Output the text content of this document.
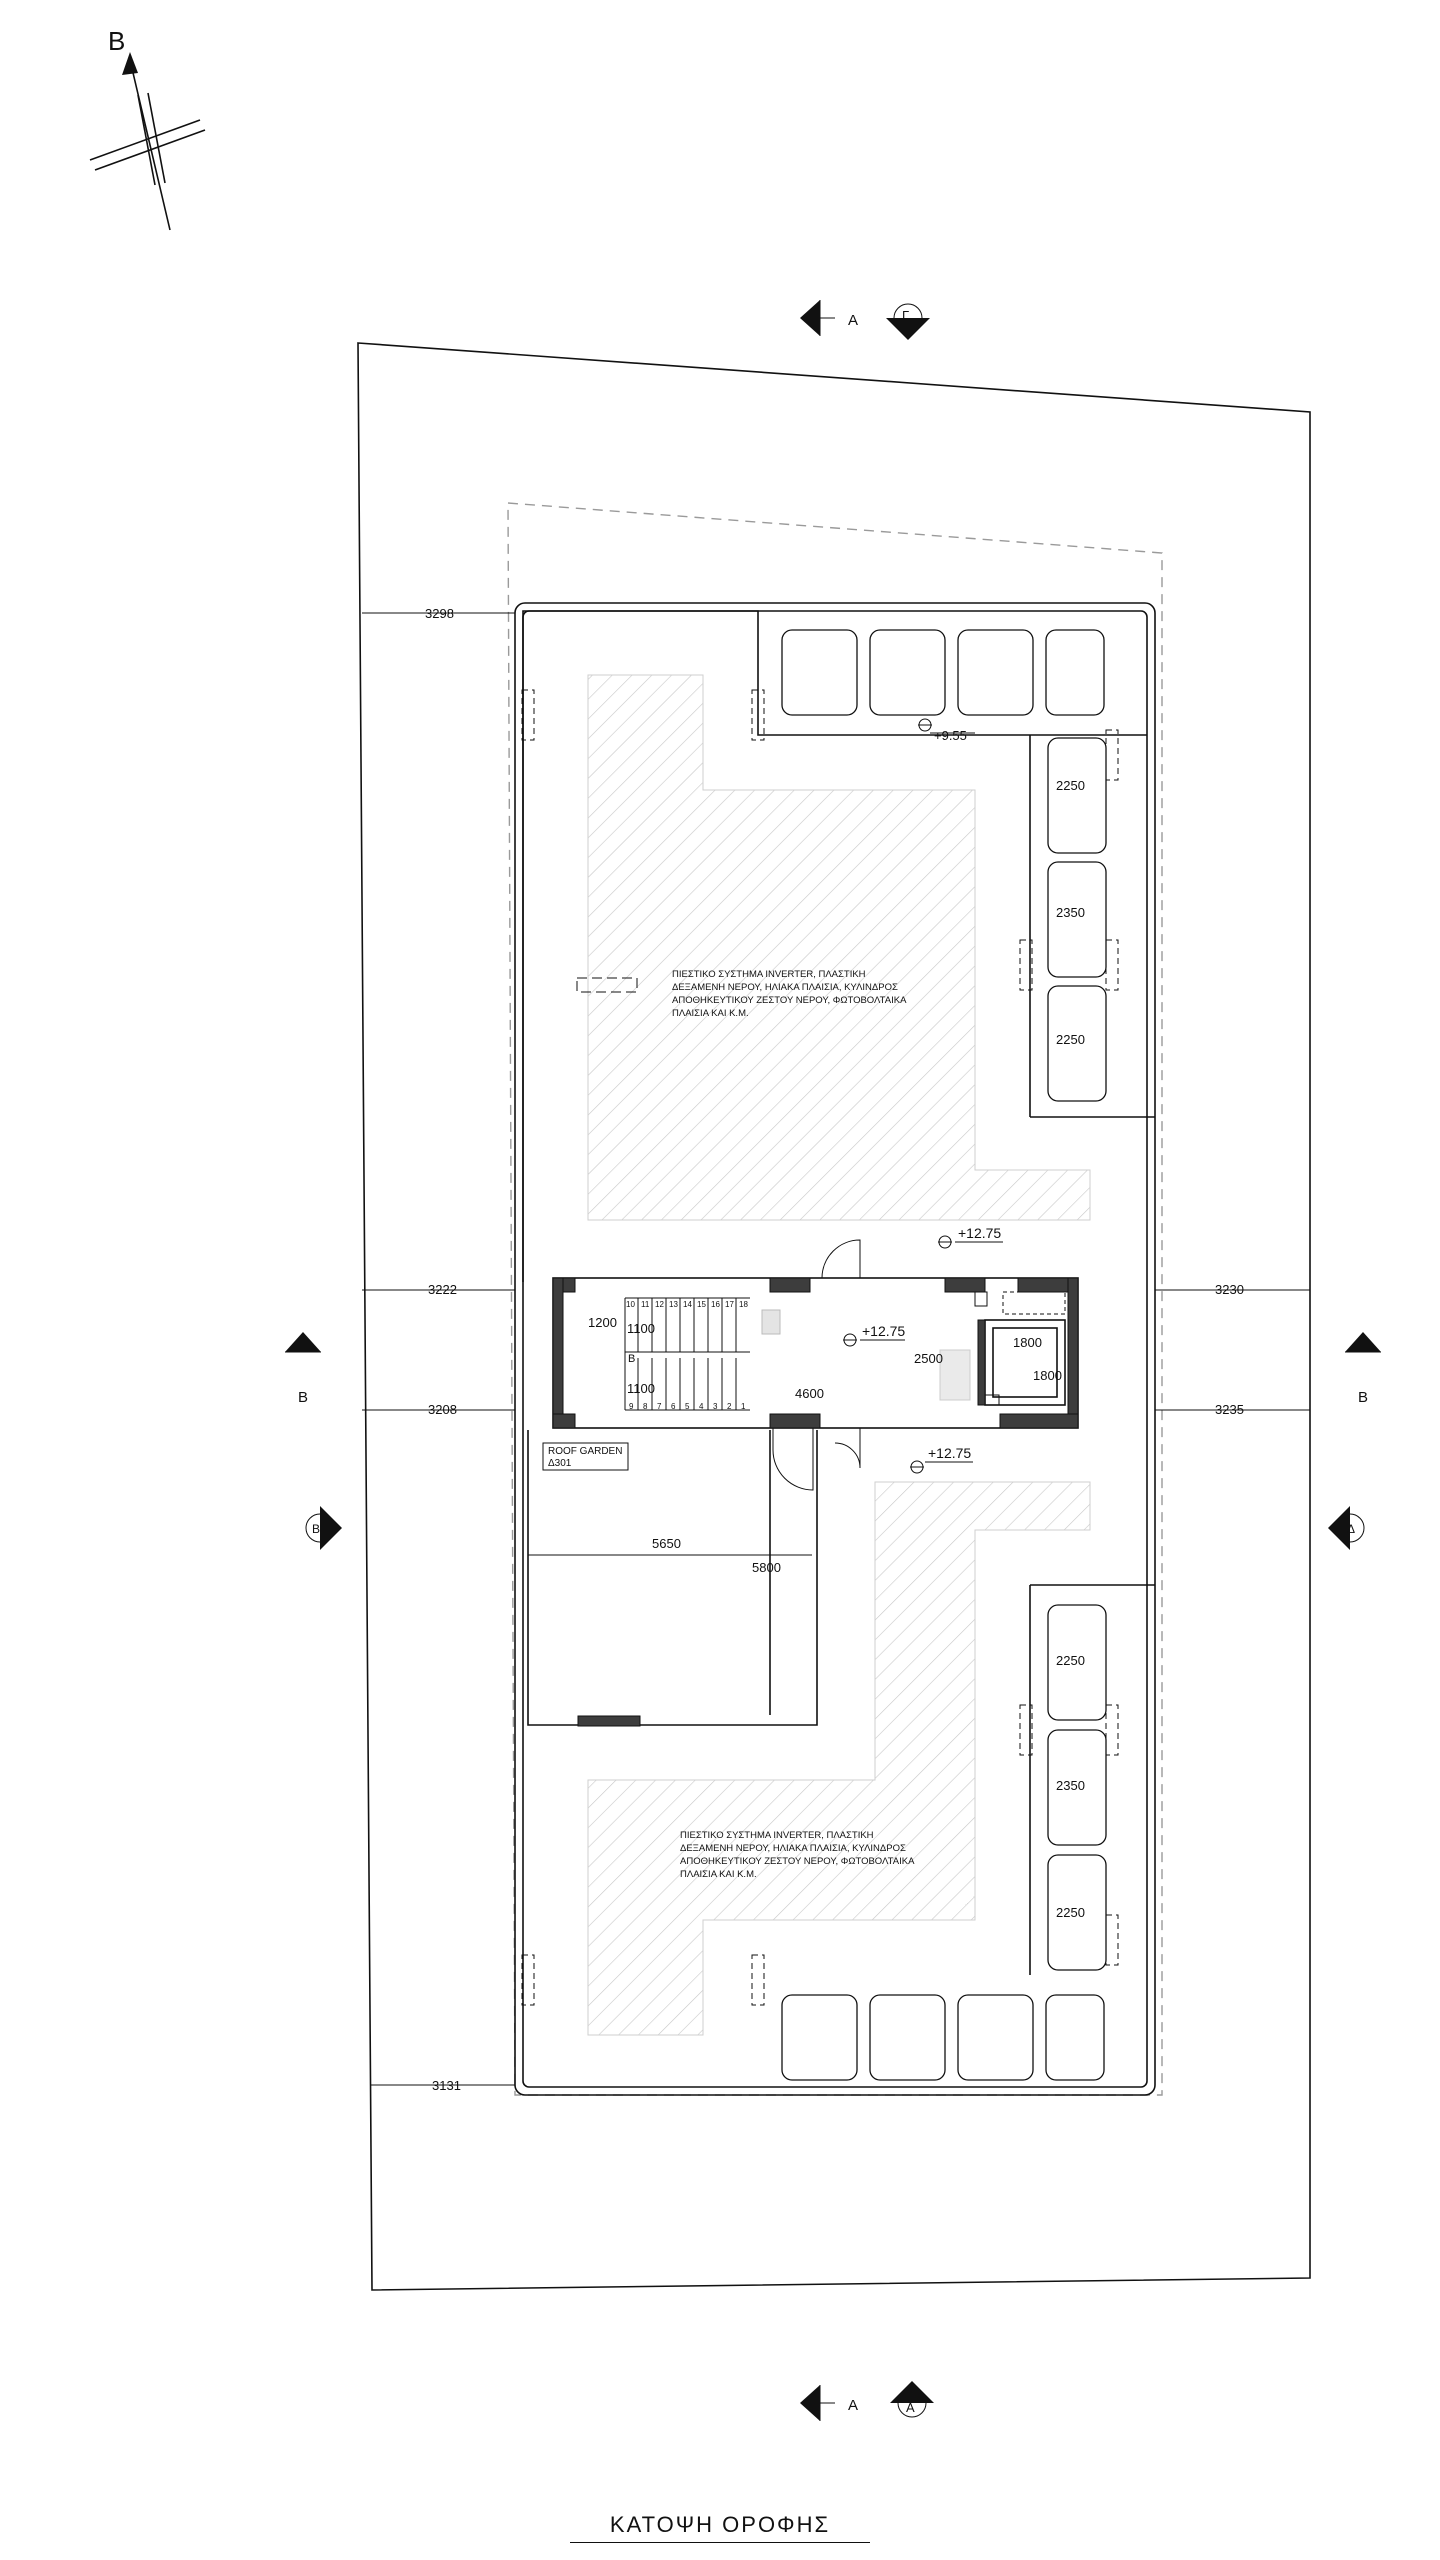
B
A	Γ
A	A
B
B
B
Δ
3298
3222
3208
3131
3230
3235
2250
2350
2250
2250
2350
2250
+9.55
+12.75
+12.75
+12.75
ΠΙΕΣΤΙΚΟ ΣΥΣΤΗΜΑ INVERTER, ΠΛΑΣΤΙΚΗ
ΔΕΞΑΜΕΝΗ ΝΕΡΟΥ, ΗΛΙΑΚΑ ΠΛΑΙΣΙΑ, ΚΥΛΙΝΔΡΟΣ
ΑΠΟΘΗΚΕΥΤΙΚΟΥ ΖΕΣΤΟΥ ΝΕΡΟΥ, ΦΩΤΟΒΟΛΤΑΙΚΑ
ΠΛΑΙΣΙΑ ΚΑΙ Κ.Μ.
ΠΙΕΣΤΙΚΟ ΣΥΣΤΗΜΑ INVERTER, ΠΛΑΣΤΙΚΗ
ΔΕΞΑΜΕΝΗ ΝΕΡΟΥ, ΗΛΙΑΚΑ ΠΛΑΙΣΙΑ, ΚΥΛΙΝΔΡΟΣ
ΑΠΟΘΗΚΕΥΤΙΚΟΥ ΖΕΣΤΟΥ ΝΕΡΟΥ, ΦΩΤΟΒΟΛΤΑΙΚΑ
ΠΛΑΙΣΙΑ ΚΑΙ Κ.Μ.
10 11 12 13 14 15 16 17 18
9 8 7 6 5 4 3 2 1
1200 1100
1100
B
4600
2500
1800
1800
ROOF GARDEN
Δ301
5650
5800
ΚΑΤΟΨΗ ΟΡΟΦΗΣ
